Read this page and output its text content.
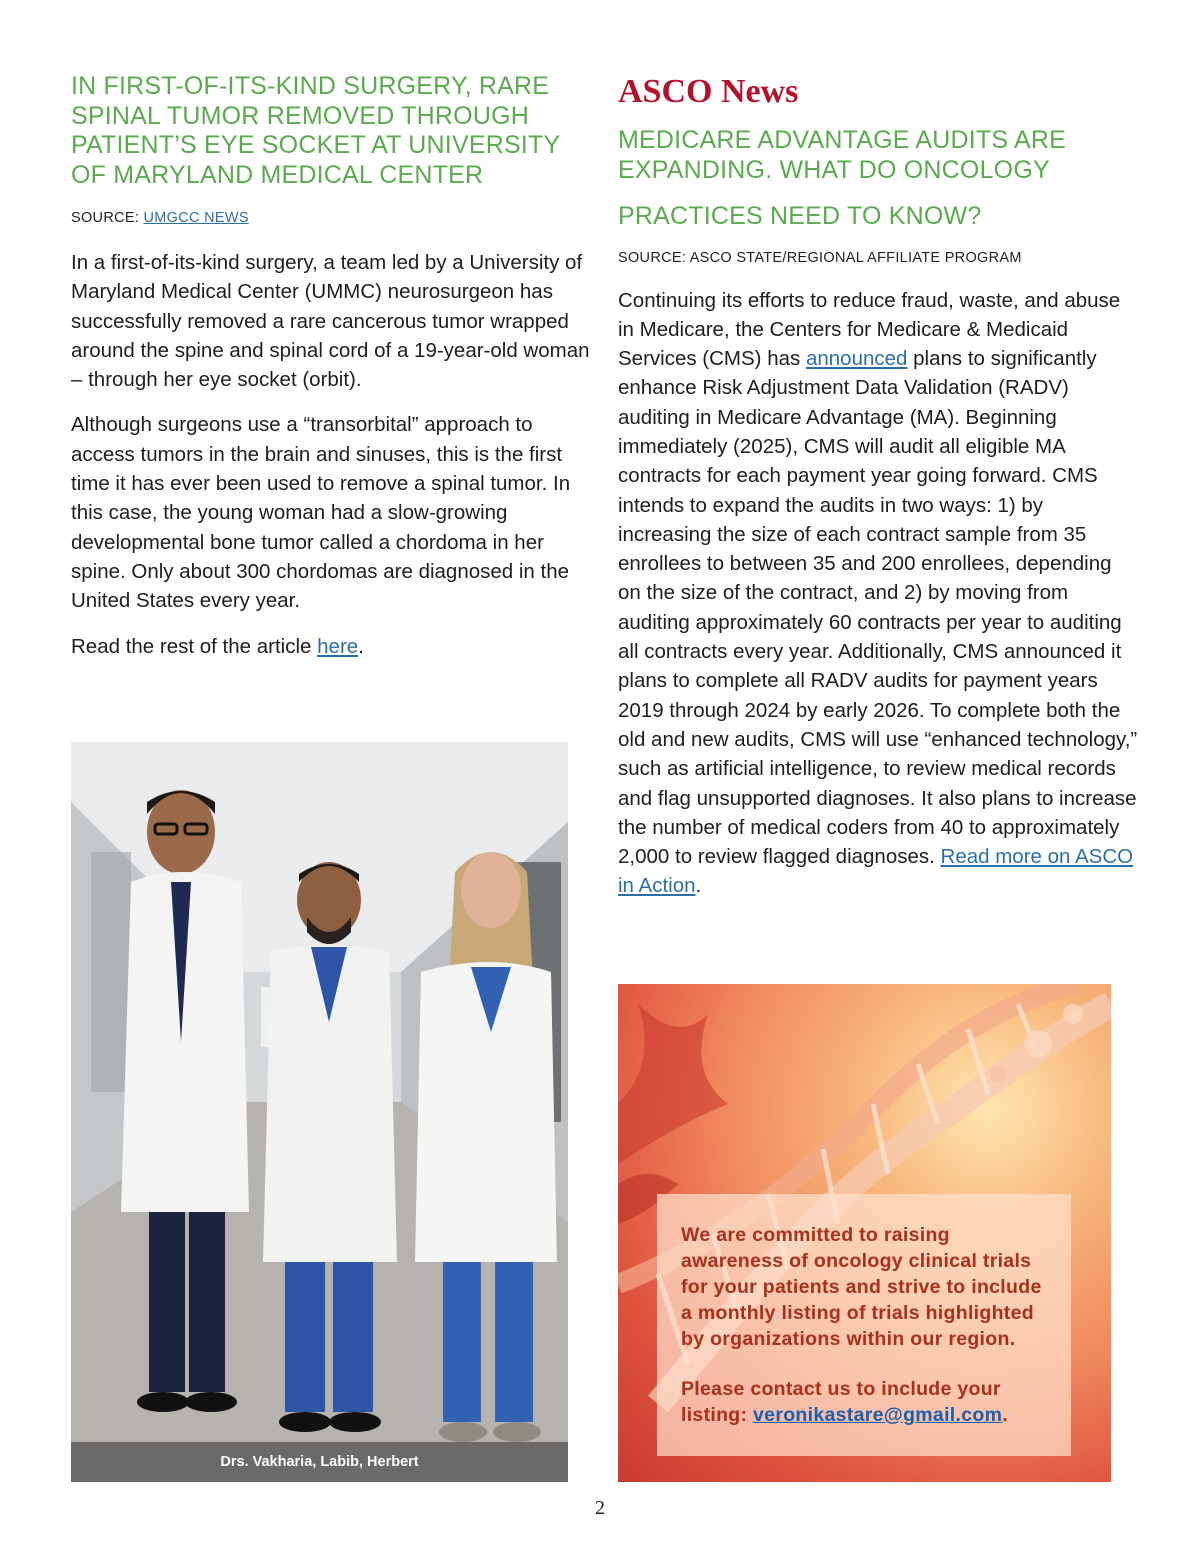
IN FIRST-OF-ITS-KIND SURGERY, RARE
SPINAL TUMOR REMOVED THROUGH
PATIENT’S EYE SOCKET AT UNIVERSITY
OF MARYLAND MEDICAL CENTER

SOURCE: UMGCC NEWS

In a first-of-its-kind surgery, a team led by a University of Maryland Medical Center (UMMC) neurosurgeon has successfully removed a rare cancerous tumor wrapped around the spine and spinal cord of a 19-year-old woman – through her eye socket (orbit).

Although surgeons use a “transorbital” approach to access tumors in the brain and sinuses, this is the first time it has ever been used to remove a spinal tumor. In this case, the young woman had a slow-growing developmental bone tumor called a chordoma in her spine. Only about 300 chordomas are diagnosed in the United States every year.

Read the rest of the article here.

Drs. Vakharia, Labib, Herbert
ASCO News
MEDICARE ADVANTAGE AUDITS ARE
EXPANDING. WHAT DO ONCOLOGY
PRACTICES NEED TO KNOW?

SOURCE: ASCO STATE/REGIONAL AFFILIATE PROGRAM

Continuing its efforts to reduce fraud, waste, and abuse in Medicare, the Centers for Medicare & Medicaid Services (CMS) has announced plans to significantly enhance Risk Adjustment Data Validation (RADV) auditing in Medicare Advantage (MA). Beginning immediately (2025), CMS will audit all eligible MA contracts for each payment year going forward. CMS intends to expand the audits in two ways: 1) by increasing the size of each contract sample from 35 enrollees to between 35 and 200 enrollees, depending on the size of the contract, and 2) by moving from auditing approximately 60 contracts per year to auditing all contracts every year. Additionally, CMS announced it plans to complete all RADV audits for payment years 2019 through 2024 by early 2026. To complete both the old and new audits, CMS will use “enhanced technology,” such as artificial intelligence, to review medical records and flag unsupported diagnoses. It also plans to increase the number of medical coders from 40 to approximately 2,000 to review flagged diagnoses. Read more on ASCO in Action.

We are committed to raising awareness of oncology clinical trials for your patients and strive to include a monthly listing of trials highlighted by organizations within our region.

Please contact us to include your listing: veronikastare@gmail.com.

2
